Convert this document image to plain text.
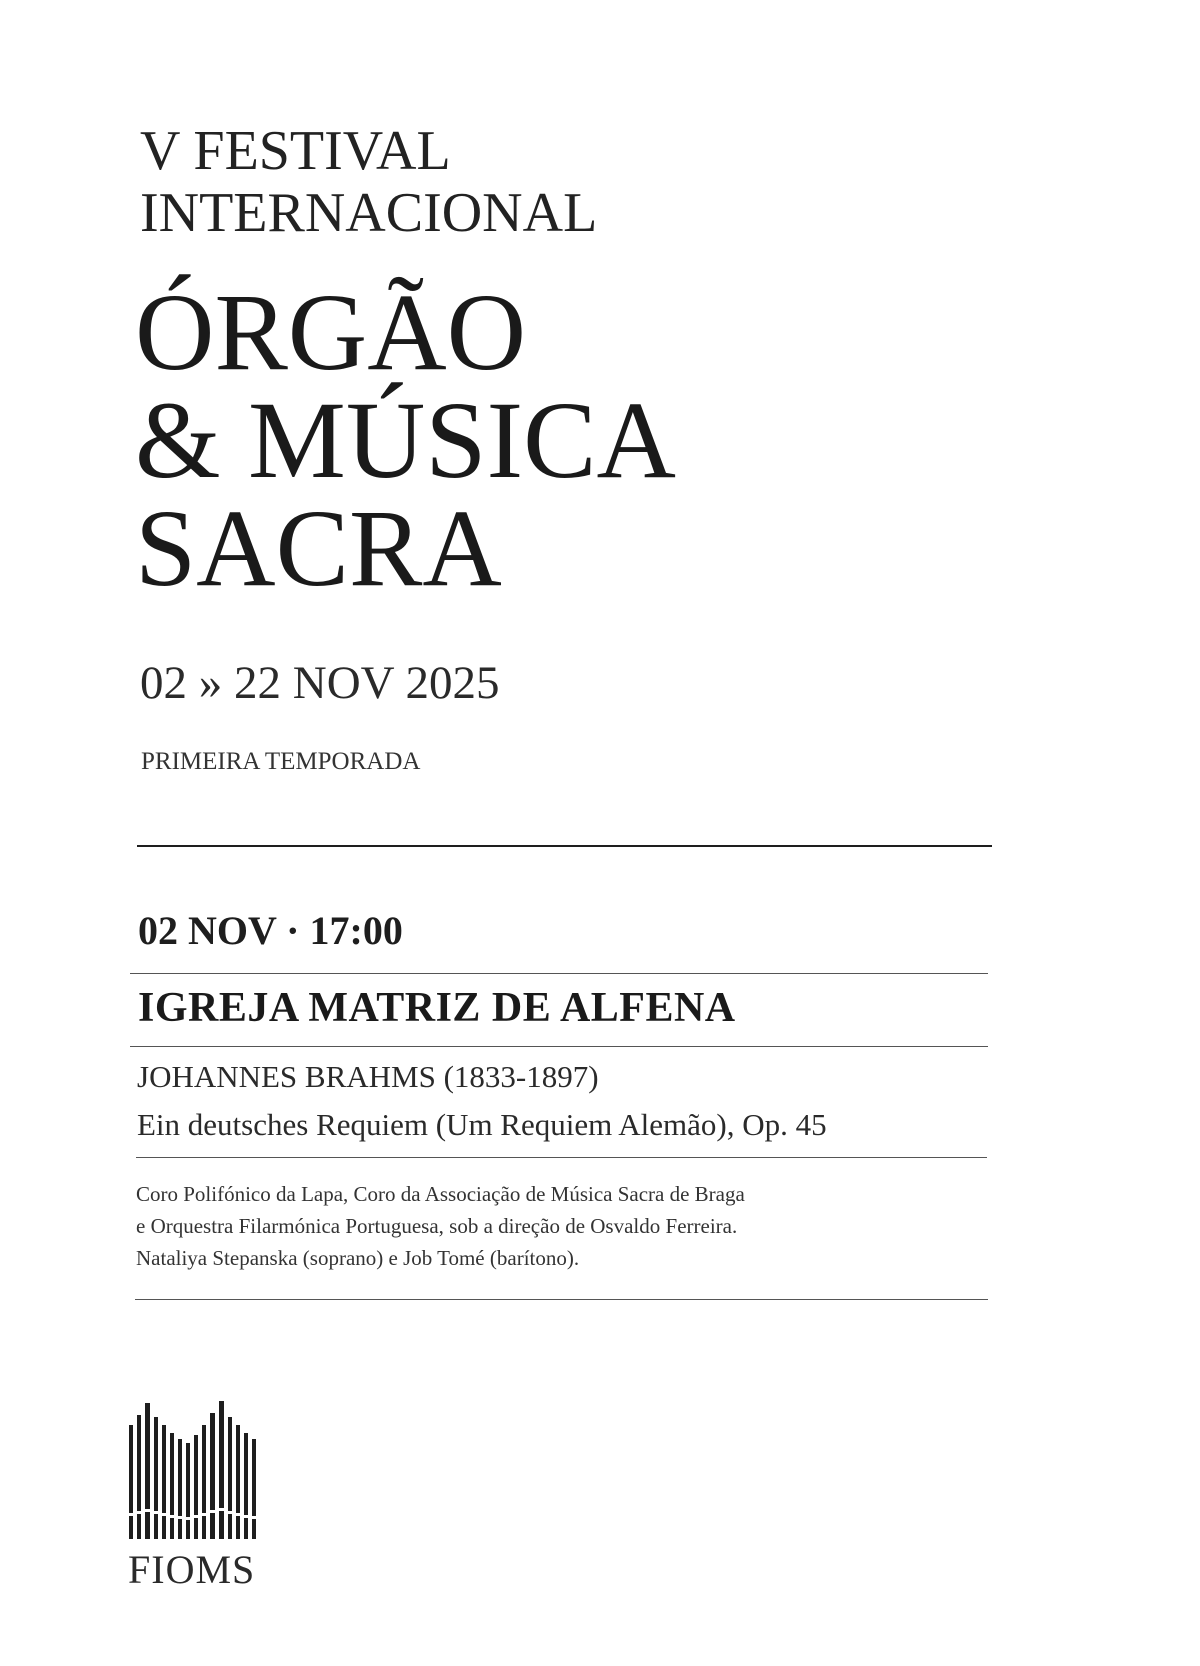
V FESTIVAL
INTERNACIONAL

ÓRGÃO
& MÚSICA
SACRA

02 » 22 NOV 2025

PRIMEIRA TEMPORADA

02 NOV · 17:00

IGREJA MATRIZ DE ALFENA

JOHANNES BRAHMS (1833-1897)

Ein deutsches Requiem (Um Requiem Alemão), Op. 45

Coro Polifónico da Lapa, Coro da Associação de Música Sacra de Braga
e Orquestra Filarmónica Portuguesa, sob a direção de Osvaldo Ferreira.
Nataliya Stepanska (soprano) e Job Tomé (barítono).

FIOMS
